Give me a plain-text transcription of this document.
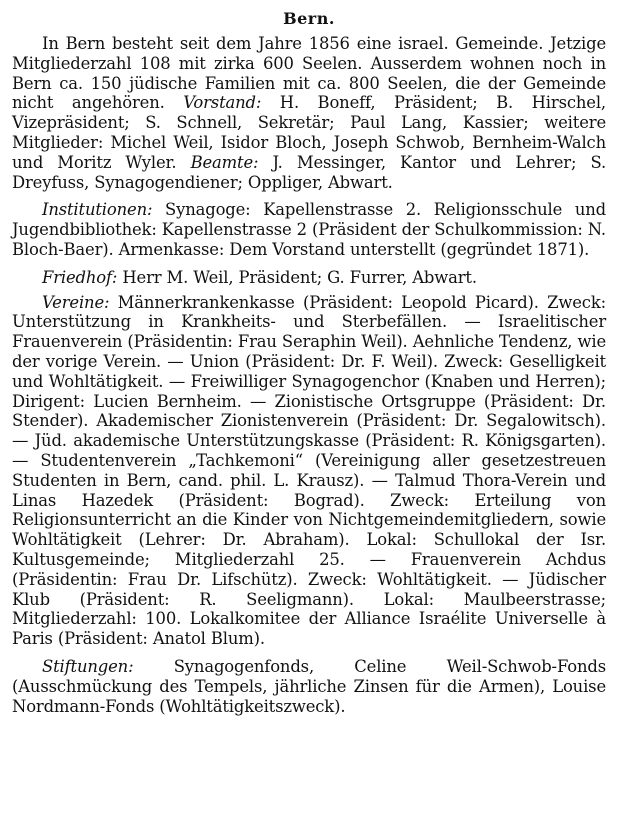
Bern.

In Bern besteht seit dem Jahre 1856 eine israel. Gemeinde. Jetzige Mitgliederzahl 108 mit zirka 600 Seelen. Ausserdem wohnen noch in Bern ca. 150 jüdische Familien mit ca. 800 Seelen, die der Gemeinde nicht angehören. Vorstand: H. Boneff, Präsident; B. Hirschel, Vizepräsident; S. Schnell, Sekretär; Paul Lang, Kassier; weitere Mitglieder: Michel Weil, Isidor Bloch, Joseph Schwob, Bernheim-Walch und Moritz Wyler. Beamte: J. Messinger, Kantor und Lehrer; S. Dreyfuss, Synagogendiener; Oppliger, Abwart.

Institutionen: Synagoge: Kapellenstrasse 2. Religionsschule und Jugendbibliothek: Kapellenstrasse 2 (Präsident der Schulkommission: N. Bloch-Baer). Armenkasse: Dem Vorstand unterstellt (gegründet 1871).

Friedhof: Herr M. Weil, Präsident; G. Furrer, Abwart.

Vereine: Männerkrankenkasse (Präsident: Leopold Picard). Zweck: Unterstützung in Krankheits- und Sterbefällen. — Israelitischer Frauenverein (Präsidentin: Frau Seraphin Weil). Aehnliche Tendenz, wie der vorige Verein. — Union (Präsident: Dr. F. Weil). Zweck: Geselligkeit und Wohltätigkeit. — Freiwilliger Synagogenchor (Knaben und Herren); Dirigent: Lucien Bernheim. — Zionistische Ortsgruppe (Präsident: Dr. Stender). Akademischer Zionistenverein (Präsident: Dr. Segalowitsch). — Jüd. akademische Unterstützungskasse (Präsident: R. Königsgarten). — Studentenverein „Tachkemoni“ (Vereinigung aller gesetzestreuen Studenten in Bern, cand. phil. L. Krausz). — Talmud Thora-Verein und Linas Hazedek (Präsident: Bograd). Zweck: Erteilung von Religionsunterricht an die Kinder von Nichtgemeindemitgliedern, sowie Wohltätigkeit (Lehrer: Dr. Abraham). Lokal: Schullokal der Isr. Kultusgemeinde; Mitgliederzahl 25. — Frauenverein Achdus (Präsidentin: Frau Dr. Lifschütz). Zweck: Wohltätigkeit. — Jüdischer Klub (Präsident: R. Seeligmann). Lokal: Maulbeerstrasse; Mitgliederzahl: 100. Lokalkomitee der Alliance Israélite Universelle à Paris (Präsident: Anatol Blum).

Stiftungen: Synagogenfonds, Celine Weil-Schwob-Fonds (Ausschmückung des Tempels, jährliche Zinsen für die Armen), Louise Nordmann-Fonds (Wohltätigkeitszweck).
